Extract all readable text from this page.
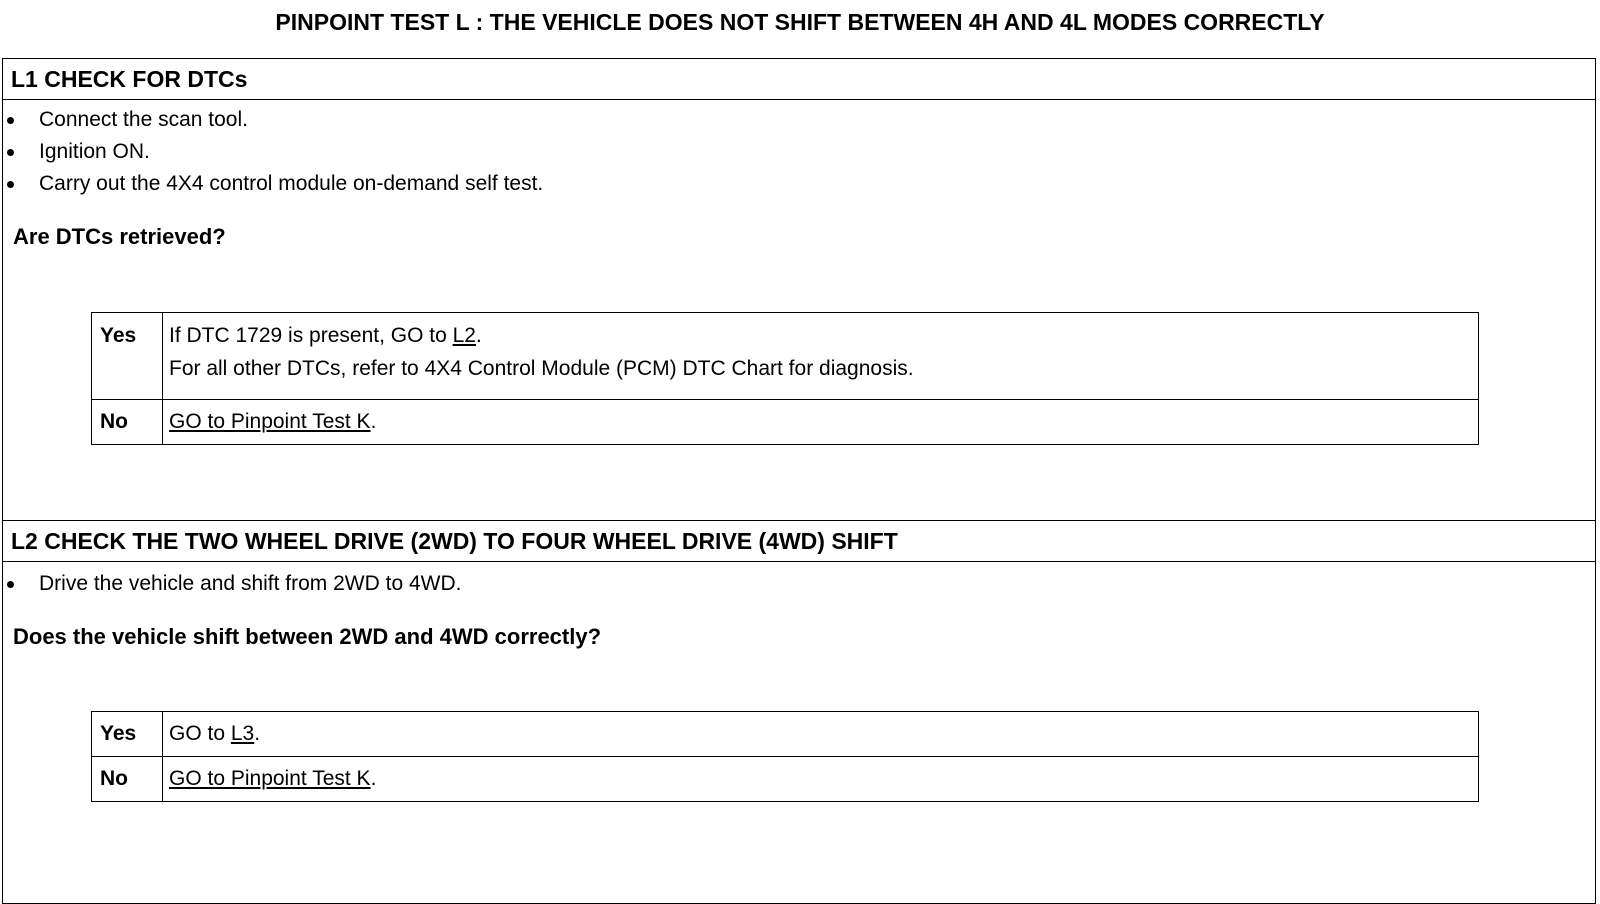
PINPOINT TEST L : THE VEHICLE DOES NOT SHIFT BETWEEN 4H AND 4L MODES CORRECTLY
L1 CHECK FOR DTCs
Connect the scan tool.
Ignition ON.
Carry out the 4X4 control module on-demand self test.
Are DTCs retrieved?
Yes	If DTC 1729 is present, GO to L2.
For all other DTCs, refer to 4X4 Control Module (PCM) DTC Chart for diagnosis.

No	GO to Pinpoint Test K.
L2 CHECK THE TWO WHEEL DRIVE (2WD) TO FOUR WHEEL DRIVE (4WD) SHIFT
Drive the vehicle and shift from 2WD to 4WD.
Does the vehicle shift between 2WD and 4WD correctly?
Yes	GO to L3.
No	GO to Pinpoint Test K.
